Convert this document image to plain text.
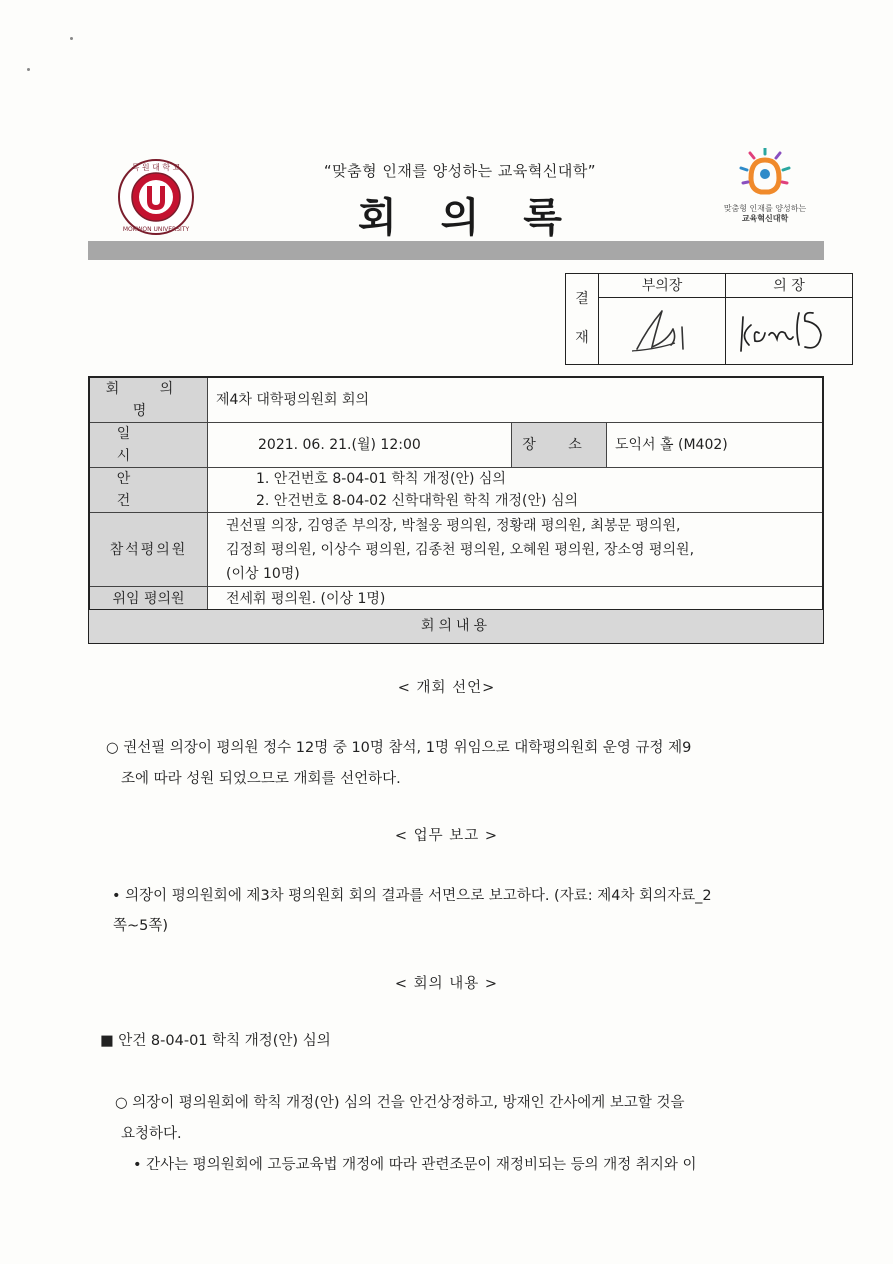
목 원 대 학 교
MOKWON UNIVERSITY
“맞춤형 인재를 양성하는 교육혁신대학”
회의록	맞춤형 인재를 양성하는
교육혁신대학
결
재	부의장	의 장

회 의 명	제4차 대학평의원회 회의		
일 시	2021. 06. 21.(월) 12:00	장 소	도익서 홀 (M402)
안 건	1. 안건번호 8-04-01 학칙 개정(안) 심의
2. 안건번호 8-04-02 신학대학원 학칙 개정(안) 심의		

참석평의원	권선필 의장, 김영준 부의장, 박철웅 평의원, 정황래 평의원, 최봉문 평의원,
김정희 평의원, 이상수 평의원, 김종천 평의원, 오혜원 평의원, 장소영 평의원,
(이상 10명)		

위임 평의원	전세휘 평의원. (이상 1명)		

회의내용
< 개회 선언>
○ 권선필 의장이 평의원 정수 12명 중 10명 참석, 1명 위임으로 대학평의원회 운영 규정 제9
조에 따라 성원 되었으므로 개회를 선언하다.
< 업무 보고 >
• 의장이 평의원회에 제3차 평의원회 회의 결과를 서면으로 보고하다. (자료: 제4차 회의자료_2
쪽~5쪽)
< 회의 내용 >
■ 안건 8-04-01 학칙 개정(안) 심의
○ 의장이 평의원회에 학칙 개정(안) 심의 건을 안건상정하고, 방재인 간사에게 보고할 것을
요청하다.
• 간사는 평의원회에 고등교육법 개정에 따라 관련조문이 재정비되는 등의 개정 취지와 이
